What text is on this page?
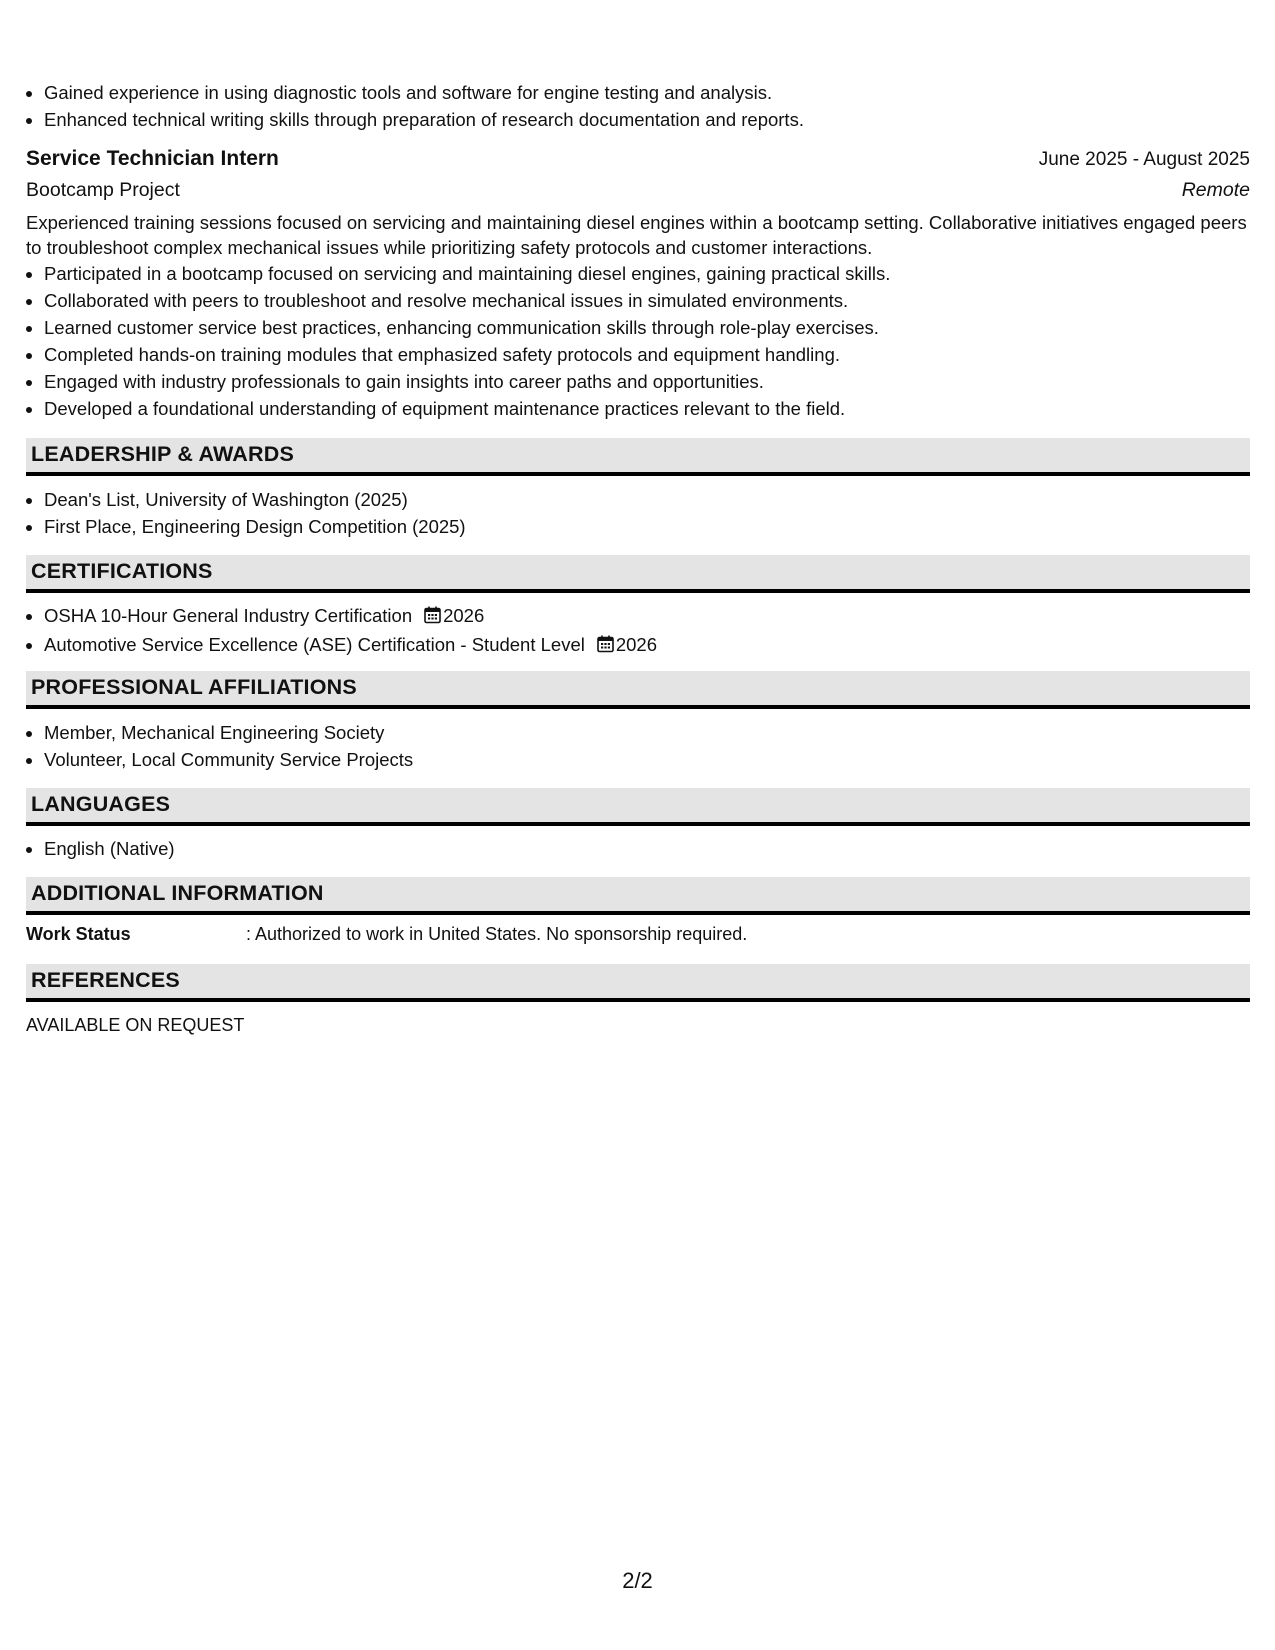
• Gained experience in using diagnostic tools and software for engine testing and analysis.
• Enhanced technical writing skills through preparation of research documentation and reports.
Service Technician Intern	June 2025 - August 2025
Bootcamp Project	Remote
Experienced training sessions focused on servicing and maintaining diesel engines within a bootcamp setting. Collaborative initiatives engaged peers to troubleshoot complex mechanical issues while prioritizing safety protocols and customer interactions.
• Participated in a bootcamp focused on servicing and maintaining diesel engines, gaining practical skills.
• Collaborated with peers to troubleshoot and resolve mechanical issues in simulated environments.
• Learned customer service best practices, enhancing communication skills through role-play exercises.
• Completed hands-on training modules that emphasized safety protocols and equipment handling.
• Engaged with industry professionals to gain insights into career paths and opportunities.
• Developed a foundational understanding of equipment maintenance practices relevant to the field.
LEADERSHIP & AWARDS
• Dean's List, University of Washington (2025)
• First Place, Engineering Design Competition (2025)
CERTIFICATIONS
• OSHA 10-Hour General Industry Certification 2026
• Automotive Service Excellence (ASE) Certification - Student Level 2026
PROFESSIONAL AFFILIATIONS
• Member, Mechanical Engineering Society
• Volunteer, Local Community Service Projects
LANGUAGES
• English (Native)
ADDITIONAL INFORMATION
Work Status	: Authorized to work in United States. No sponsorship required.
REFERENCES
AVAILABLE ON REQUEST
2/2
